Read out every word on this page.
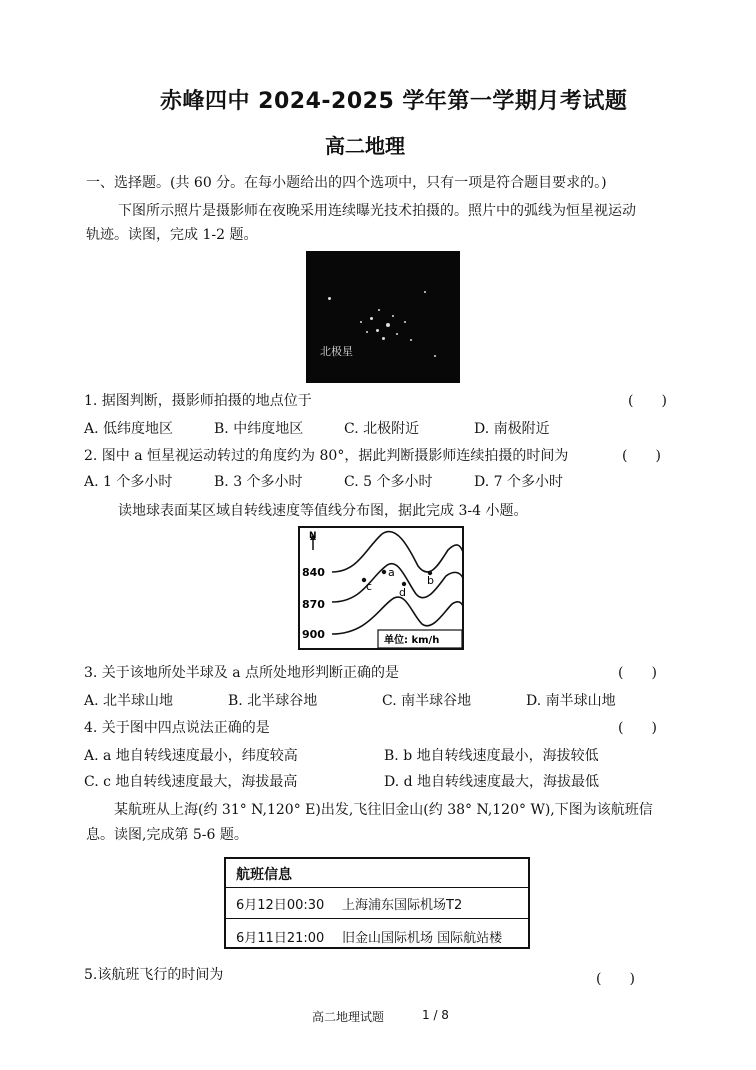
赤峰四中 2024-2025 学年第一学期月考试题
高二地理
一、选择题。(共 60 分。在每小题给出的四个选项中，只有一项是符合题目要求的。)
下图所示照片是摄影师在夜晚采用连续曝光技术拍摄的。照片中的弧线为恒星视运动
轨迹。读图，完成 1-2 题。
北极星
1. 据图判断，摄影师拍摄的地点位于	(　　)
A. 低纬度地区	B. 中纬度地区	C. 北极附近	D. 南极附近
2. 图中 a 恒星视运动转过的角度约为 80°，据此判断摄影师连续拍摄的时间为	(　　)
A. 1 个多小时	B. 3 个多小时	C. 5 个多小时	D. 7 个多小时
读地球表面某区域自转线速度等值线分布图，据此完成 3-4 小题。
N
840
870
900
a
b
c d
单位: km/h
3. 关于该地所处半球及 a 点所处地形判断正确的是	(　　)
A. 北半球山地	B. 北半球谷地	C. 南半球谷地	D. 南半球山地
4. 关于图中四点说法正确的是	(　　)
A. a 地自转线速度最小，纬度较高	B. b 地自转线速度最小，海拔较低
C. c 地自转线速度最大，海拔最高	D. d 地自转线速度最大，海拔最低
某航班从上海(约 31° N,120° E)出发,飞往旧金山(约 38° N,120° W),下图为该航班信
息。读图,完成第 5-6 题。
航班信息
6月12日00:30 上海浦东国际机场T2
6月11日21:00 旧金山国际机场 国际航站楼
5.该航班飞行的时间为	(　　)
高二地理试题	1 / 8
